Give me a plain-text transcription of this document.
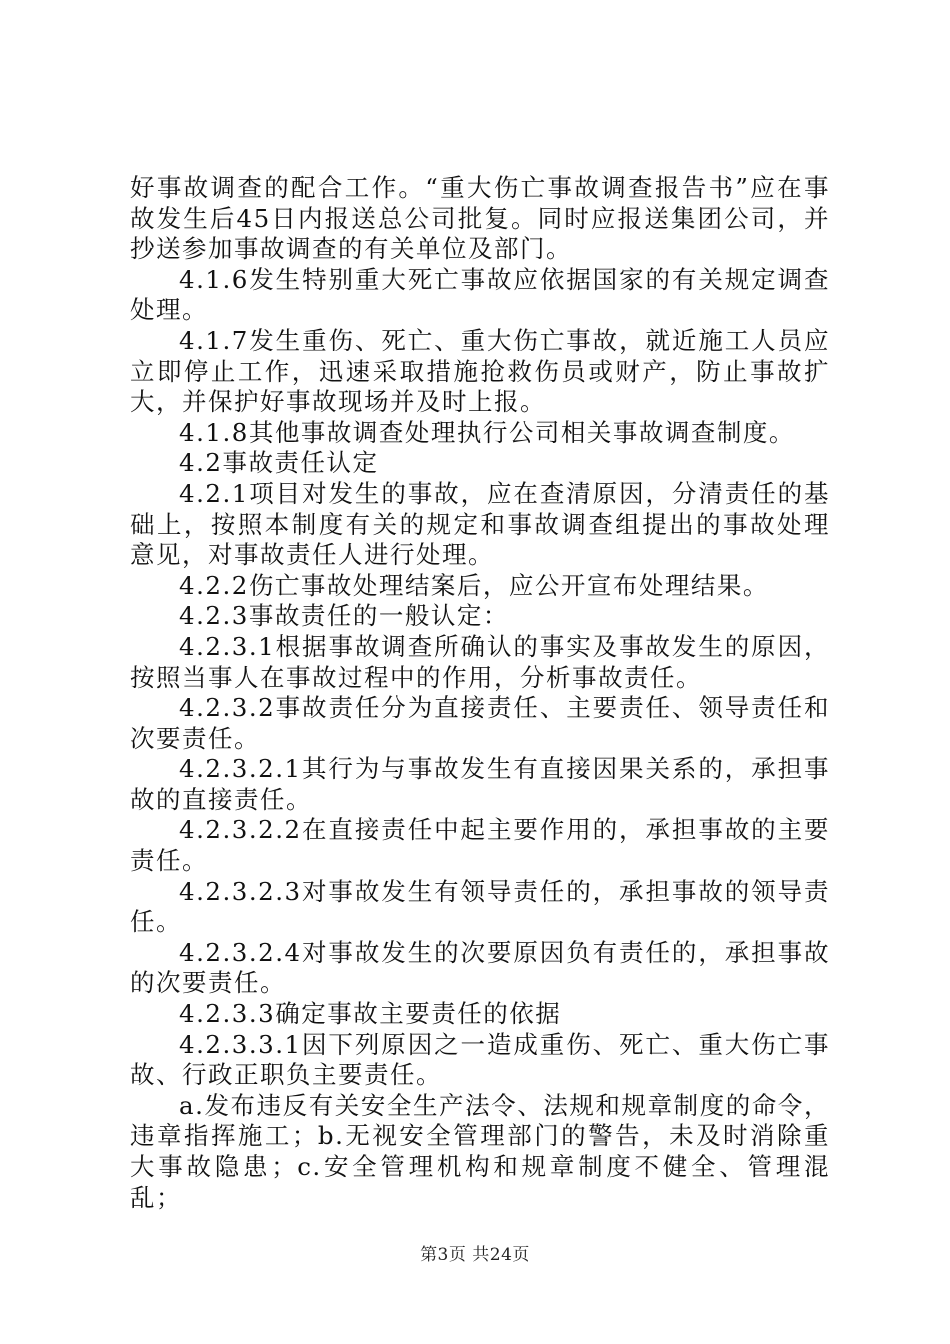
好事故调查的配合工作。“重大伤亡事故调查报告书”应在事故发生后45日内报送总公司批复。同时应报送集团公司，并抄送参加事故调查的有关单位及部门。

4.1.6发生特别重大死亡事故应依据国家的有关规定调查处理。

4.1.7发生重伤、死亡、重大伤亡事故，就近施工人员应立即停止工作，迅速采取措施抢救伤员或财产，防止事故扩大，并保护好事故现场并及时上报。

4.1.8其他事故调查处理执行公司相关事故调查制度。

4.2事故责任认定

4.2.1项目对发生的事故，应在查清原因，分清责任的基础上，按照本制度有关的规定和事故调查组提出的事故处理意见，对事故责任人进行处理。

4.2.2伤亡事故处理结案后，应公开宣布处理结果。

4.2.3事故责任的一般认定：

4.2.3.1根据事故调查所确认的事实及事故发生的原因，按照当事人在事故过程中的作用，分析事故责任。

4.2.3.2事故责任分为直接责任、主要责任、领导责任和次要责任。

4.2.3.2.1其行为与事故发生有直接因果关系的，承担事故的直接责任。

4.2.3.2.2在直接责任中起主要作用的，承担事故的主要责任。

4.2.3.2.3对事故发生有领导责任的，承担事故的领导责任。

4.2.3.2.4对事故发生的次要原因负有责任的，承担事故的次要责任。

4.2.3.3确定事故主要责任的依据

4.2.3.3.1因下列原因之一造成重伤、死亡、重大伤亡事故、行政正职负主要责任。

a.发布违反有关安全生产法令、法规和规章制度的命令，违章指挥施工；b.无视安全管理部门的警告，未及时消除重大事故隐患；c.安全管理机构和规章制度不健全、管理混乱；

第3页 共24页
